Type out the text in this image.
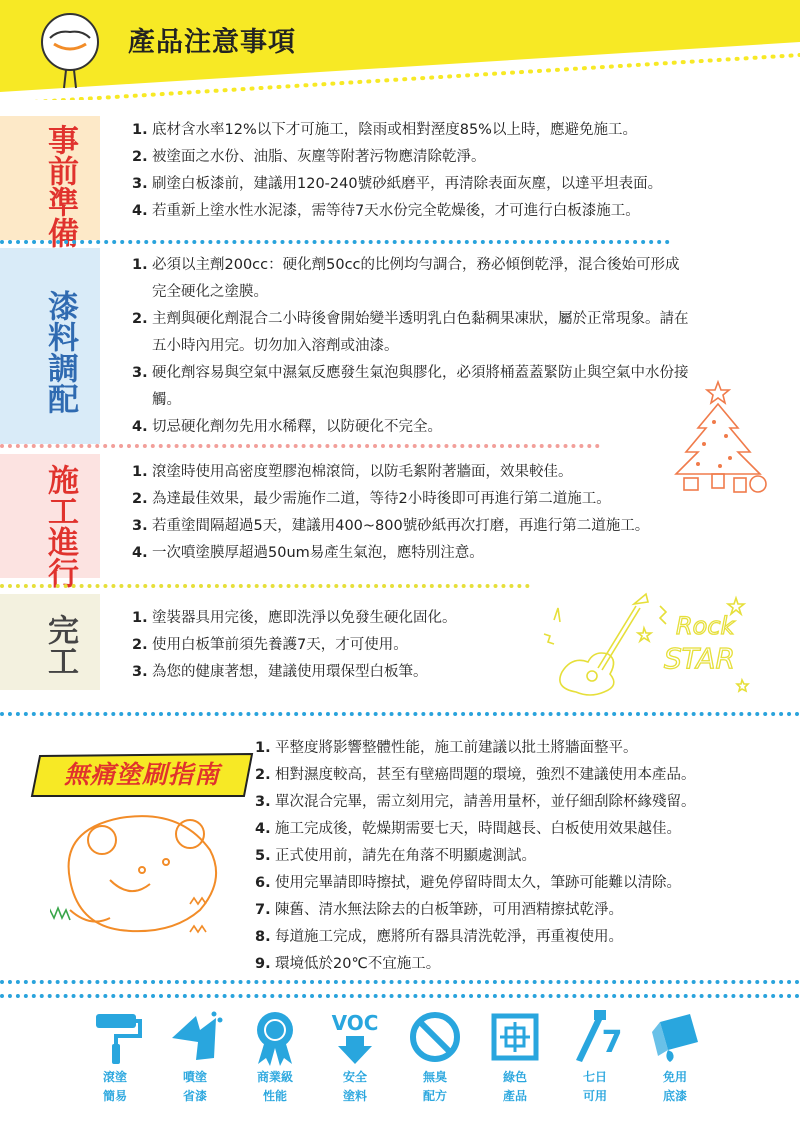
產品注意事項
事前準備	1. 底材含水率12%以下才可施工，陰雨或相對溼度85%以上時，應避免施工。
2. 被塗面之水份、油脂、灰塵等附著污物應清除乾淨。
3. 刷塗白板漆前，建議用120-240號砂紙磨平，再清除表面灰塵，以達平坦表面。
4. 若重新上塗水性水泥漆，需等待7天水份完全乾燥後，才可進行白板漆施工。
漆料調配
1. 必須以主劑200cc：硬化劑50cc的比例均勻調合，務必傾倒乾淨，混合後始可形成完全硬化之塗膜。
2. 主劑與硬化劑混合二小時後會開始變半透明乳白色黏稠果凍狀，屬於正常現象。請在五小時內用完。切勿加入溶劑或油漆。
3. 硬化劑容易與空氣中濕氣反應發生氣泡與膠化，必須將桶蓋蓋緊防止與空氣中水份接觸。
4. 切忌硬化劑勿先用水稀釋，以防硬化不完全。
施工進行	1. 滾塗時使用高密度塑膠泡棉滾筒，以防毛絮附著牆面，效果較佳。
2. 為達最佳效果，最少需施作二道，等待2小時後即可再進行第二道施工。
3. 若重塗間隔超過5天，建議用400~800號砂紙再次打磨，再進行第二道施工。
4. 一次噴塗膜厚超過50um易產生氣泡，應特別注意。
完工	1. 塗裝器具用完後，應即洗淨以免發生硬化固化。
2. 使用白板筆前須先養護7天，才可使用。
3. 為您的健康著想，建議使用環保型白板筆。
Rock
STAR
無痛塗刷指南
1. 平整度將影響整體性能，施工前建議以批土將牆面整平。
2. 相對濕度較高，甚至有壁癌問題的環境，強烈不建議使用本產品。
3. 單次混合完畢，需立刻用完，請善用量杯，並仔細刮除杯緣殘留。
4. 施工完成後，乾燥期需要七天，時間越長、白板使用效果越佳。
5. 正式使用前，請先在角落不明顯處測試。
6. 使用完畢請即時擦拭，避免停留時間太久，筆跡可能難以清除。
7. 陳舊、清水無法除去的白板筆跡，可用酒精擦拭乾淨。
8. 每道施工完成，應將所有器具清洗乾淨，再重複使用。
9. 環境低於20℃不宜施工。
滾塗
簡易
噴塗
省漆
商業級
性能
VOC
安全
塗料
無臭
配方
綠色
產品
7
七日
可用
免用
底漆
